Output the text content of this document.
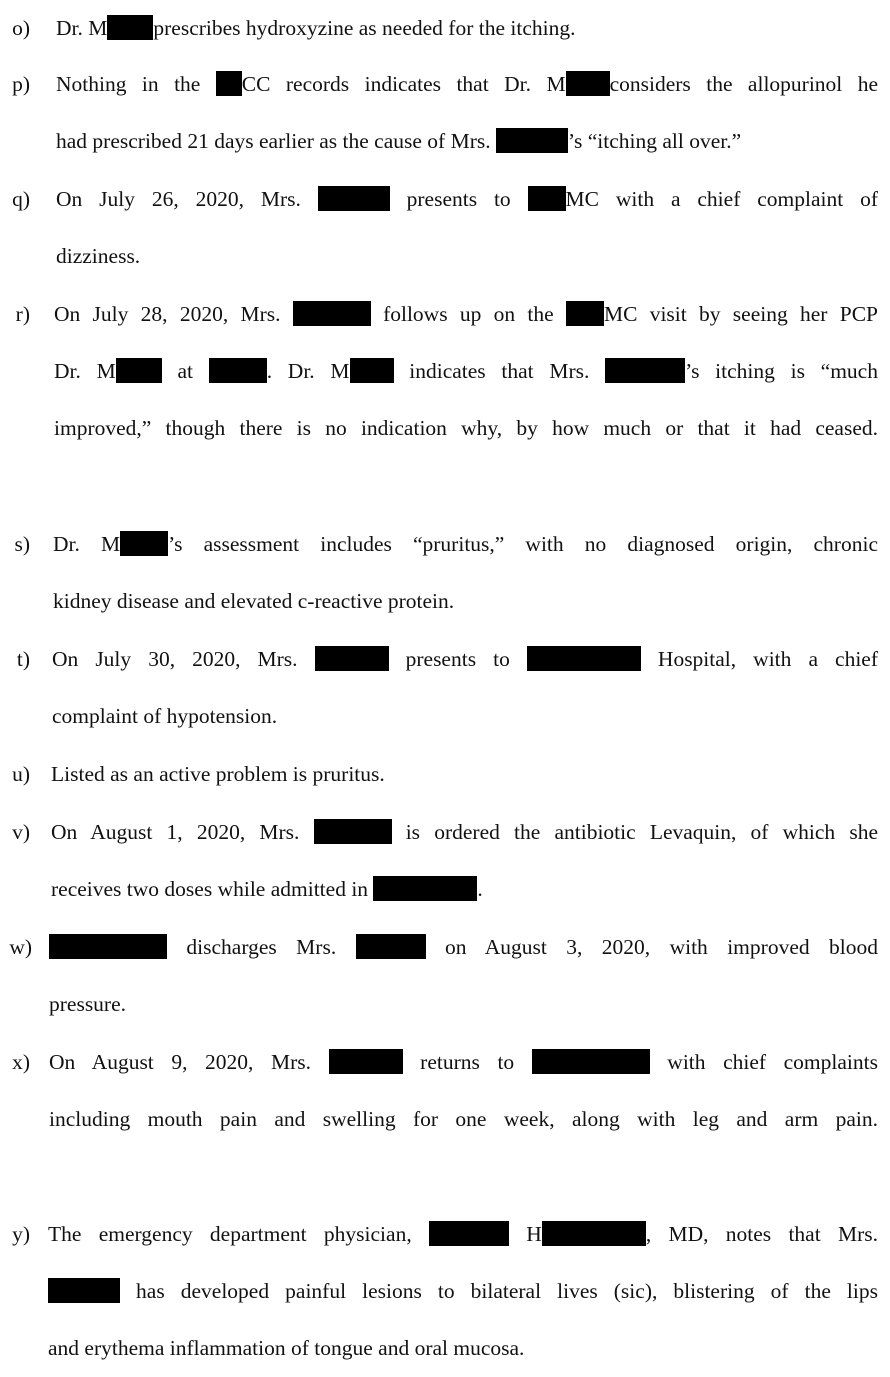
o) Dr. M prescribes hydroxyzine as needed for the itching.
p) Nothing in the CC records indicates that Dr. M considers the allopurinol he
had prescribed 21 days earlier as the cause of Mrs.	’s “itching all over.”
q) On July 26, 2020, Mrs.	presents to MC with a chief complaint of
dizziness.
r) On July 28, 2020, Mrs.	follows up on the MC visit by seeing her PCP
Dr. M at	. Dr. M indicates that Mrs.	’s itching is “much
improved,” though there is no indication why, by how much or that it had ceased.
s) Dr. M ’s assessment includes “pruritus,” with no diagnosed origin, chronic
kidney disease and elevated c-reactive protein.
t) On July 30, 2020, Mrs.	presents to	Hospital, with a chief
complaint of hypotension.
u) Listed as an active problem is pruritus.
v) On August 1, 2020, Mrs.	is ordered the antibiotic Levaquin, of which she
receives two doses while admitted in	.
w)	discharges Mrs.	on August 3, 2020, with improved blood
pressure.
x) On August 9, 2020, Mrs.	returns to	with chief complaints
including mouth pain and swelling for one week, along with leg and arm pain.
y) The emergency department physician,	H	, MD, notes that Mrs.
has developed painful lesions to bilateral lives (sic), blistering of the lips
and erythema inflammation of tongue and oral mucosa.
